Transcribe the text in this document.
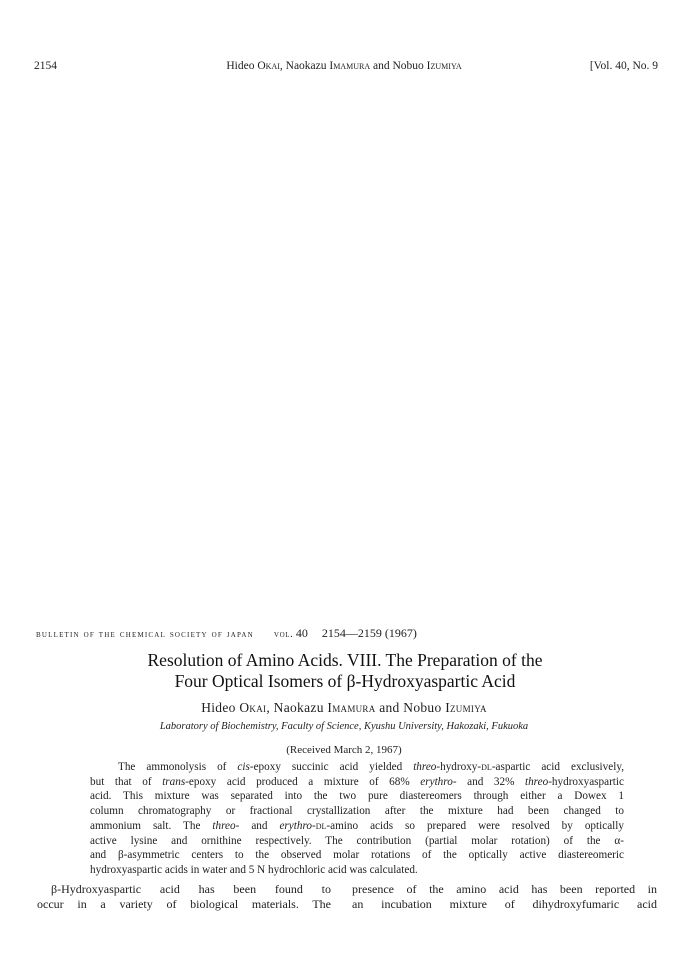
2154	Hideo Okai, Naokazu Imamura and Nobuo Izumiya	[Vol. 40, No. 9
bulletin of the chemical society of japan	vol. 40 2154—2159 (1967)
Resolution of Amino Acids. VIII. The Preparation of the
Four Optical Isomers of β-Hydroxyaspartic Acid
Hideo Okai, Naokazu Imamura and Nobuo Izumiya
Laboratory of Biochemistry, Faculty of Science, Kyushu University, Hakozaki, Fukuoka
(Received March 2, 1967)
The ammonolysis of cis-epoxy succinic acid yielded threo-hydroxy-dl-aspartic acid exclusively,
but that of trans-epoxy acid produced a mixture of 68% erythro- and 32% threo-hydroxyaspartic
acid. This mixture was separated into the two pure diastereomers through either a Dowex 1
column chromatography or fractional crystallization after the mixture had been changed to
ammonium salt. The threo- and erythro-dl-amino acids so prepared were resolved by optically
active lysine and ornithine respectively. The contribution (partial molar rotation) of the α-
and β-asymmetric centers to the observed molar rotations of the optically active diastereomeric
hydroxyaspartic acids in water and 5 N hydrochloric acid was calculated.
β-Hydroxyaspartic acid has been found to
occur in a variety of biological materials. The
presence of the amino acid has been reported in
an incubation mixture of dihydroxyfumaric acid
